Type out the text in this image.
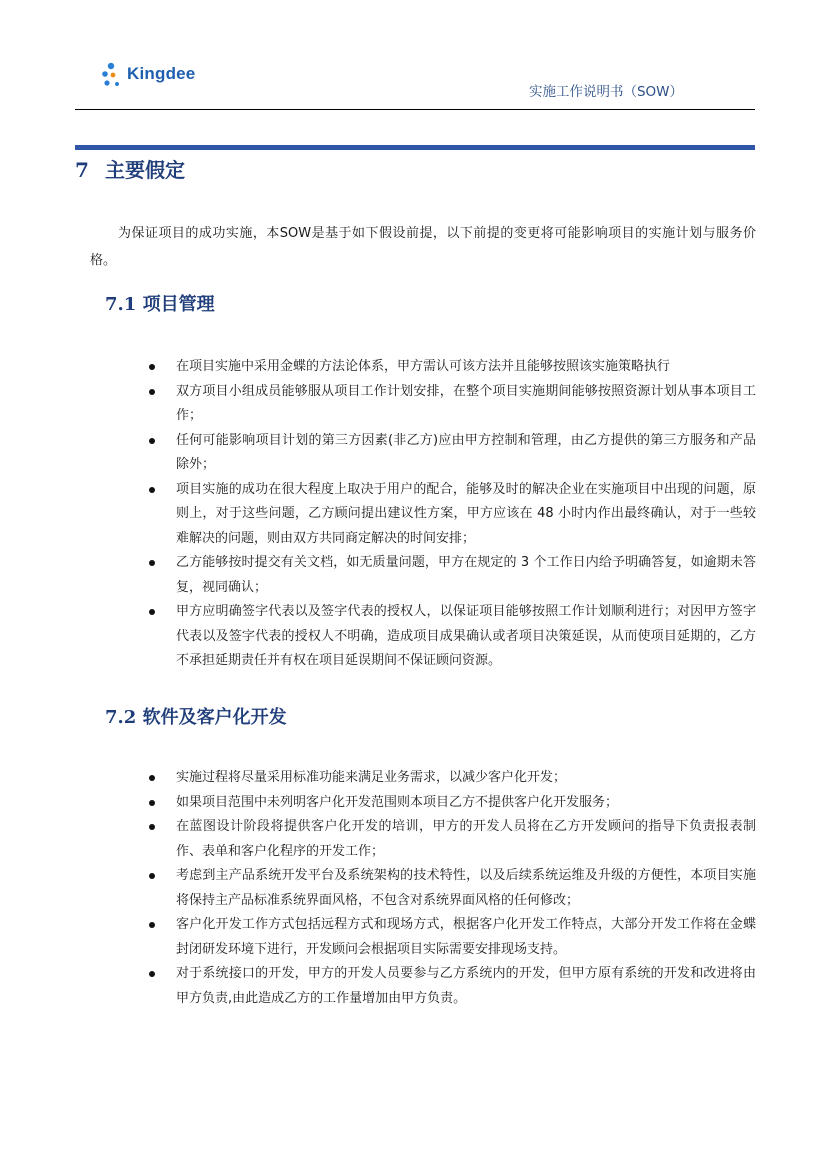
Kingdee
实施工作说明书（SOW）
7 主要假定
为保证项目的成功实施，本SOW是基于如下假设前提，以下前提的变更将可能影响项目的实施计划与服务价格。
7.1 项目管理
在项目实施中采用金蝶的方法论体系，甲方需认可该方法并且能够按照该实施策略执行
双方项目小组成员能够服从项目工作计划安排，在整个项目实施期间能够按照资源计划从事本项目工作；
任何可能影响项目计划的第三方因素(非乙方)应由甲方控制和管理，由乙方提供的第三方服务和产品除外；
项目实施的成功在很大程度上取决于用户的配合，能够及时的解决企业在实施项目中出现的问题，原则上，对于这些问题，乙方顾问提出建议性方案，甲方应该在 48 小时内作出最终确认，对于一些较难解决的问题，则由双方共同商定解决的时间安排；
乙方能够按时提交有关文档，如无质量问题，甲方在规定的 3 个工作日内给予明确答复，如逾期未答复，视同确认；
甲方应明确签字代表以及签字代表的授权人，以保证项目能够按照工作计划顺利进行；对因甲方签字代表以及签字代表的授权人不明确，造成项目成果确认或者项目决策延误，从而使项目延期的，乙方不承担延期责任并有权在项目延误期间不保证顾问资源。
7.2 软件及客户化开发
实施过程将尽量采用标准功能来满足业务需求，以减少客户化开发；
如果项目范围中未列明客户化开发范围则本项目乙方不提供客户化开发服务；
在蓝图设计阶段将提供客户化开发的培训，甲方的开发人员将在乙方开发顾问的指导下负责报表制作、表单和客户化程序的开发工作；
考虑到主产品系统开发平台及系统架构的技术特性，以及后续系统运维及升级的方便性，本项目实施将保持主产品标准系统界面风格，不包含对系统界面风格的任何修改；
客户化开发工作方式包括远程方式和现场方式，根据客户化开发工作特点，大部分开发工作将在金蝶封闭研发环境下进行，开发顾问会根据项目实际需要安排现场支持。
对于系统接口的开发，甲方的开发人员要参与乙方系统内的开发，但甲方原有系统的开发和改进将由甲方负责,由此造成乙方的工作量增加由甲方负责。
